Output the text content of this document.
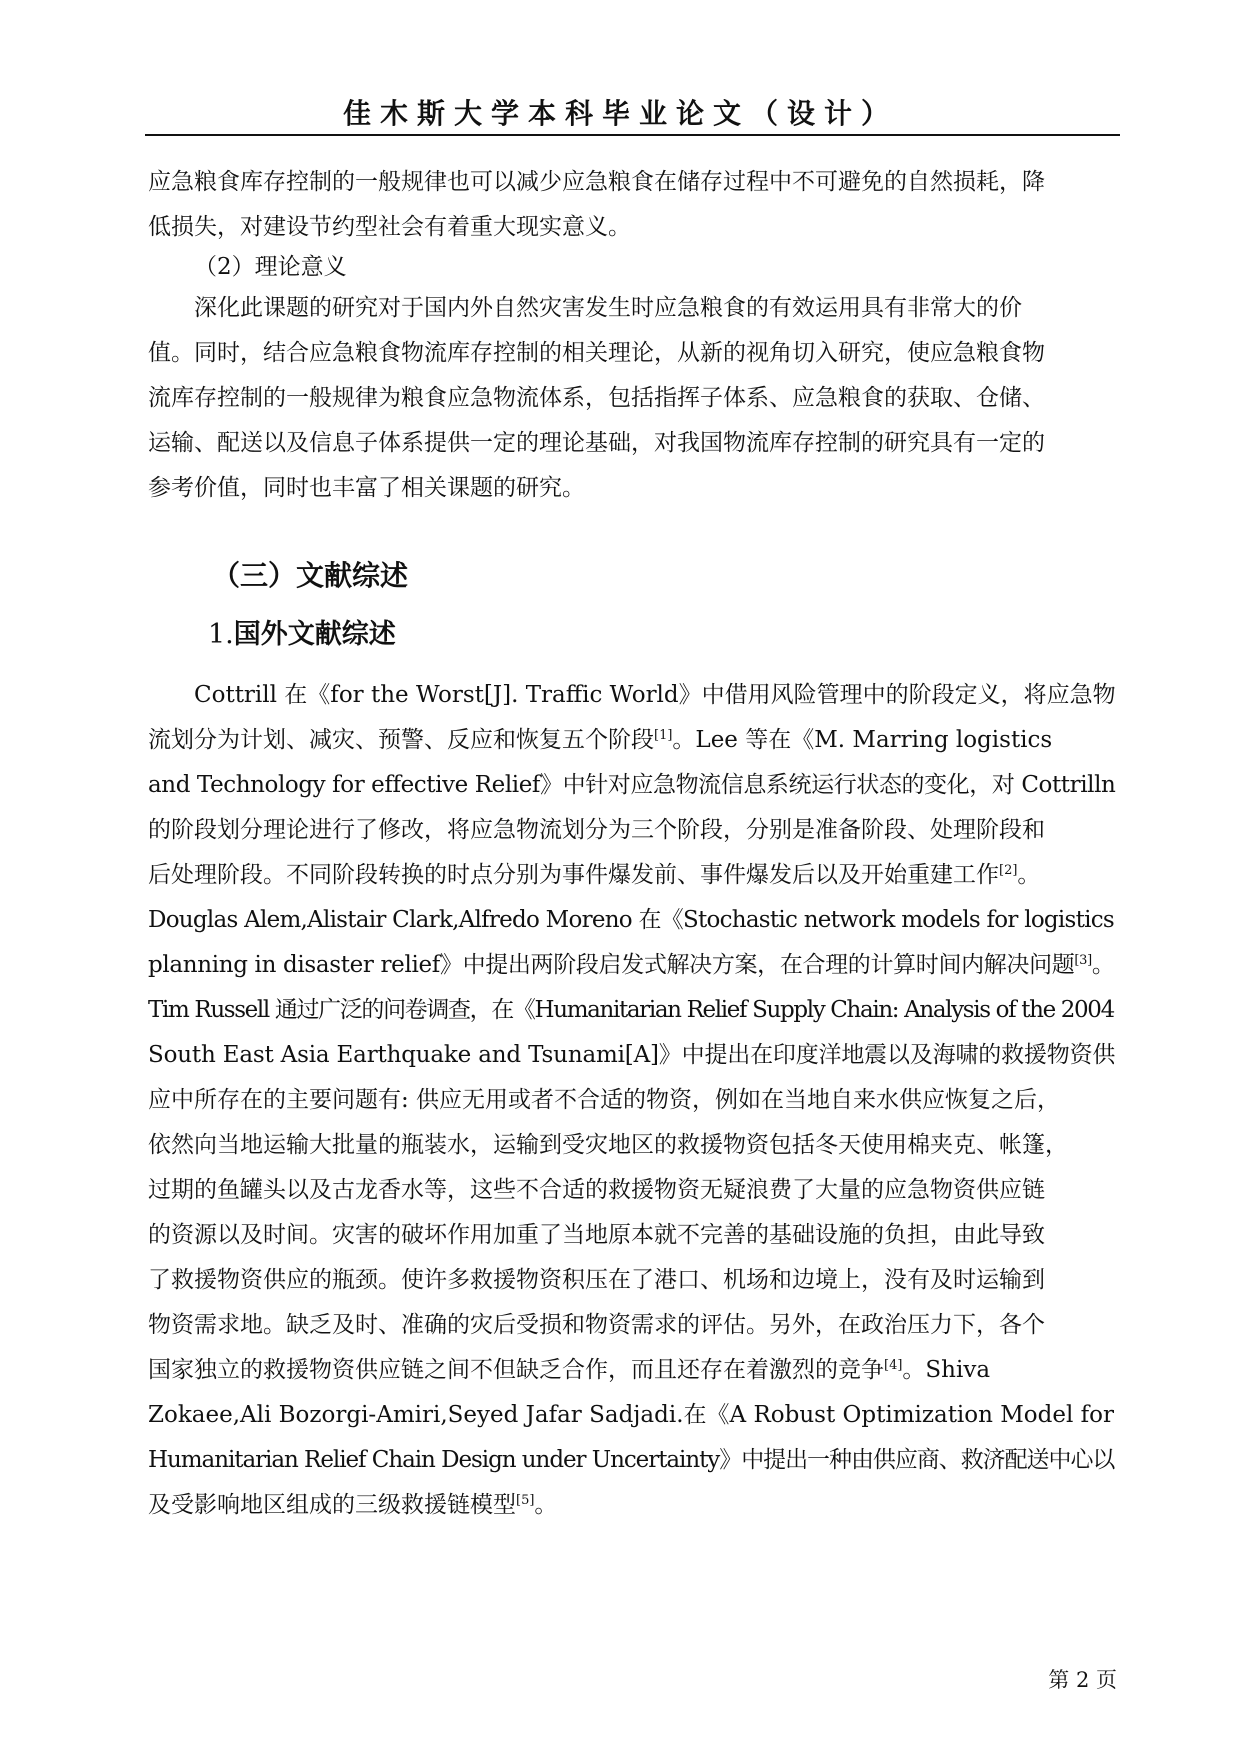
佳木斯大学本科毕业论文（设计）

应急粮食库存控制的一般规律也可以减少应急粮食在储存过程中不可避免的自然损耗，降
低损失，对建设节约型社会有着重大现实意义。

（2）理论意义

深化此课题的研究对于国内外自然灾害发生时应急粮食的有效运用具有非常大的价
值。同时，结合应急粮食物流库存控制的相关理论，从新的视角切入研究，使应急粮食物
流库存控制的一般规律为粮食应急物流体系，包括指挥子体系、应急粮食的获取、仓储、
运输、配送以及信息子体系提供一定的理论基础，对我国物流库存控制的研究具有一定的
参考价值，同时也丰富了相关课题的研究。

（三）文献综述
1.国外文献综述

Cottrill 在《for the Worst[J]. Traffic World》中借用风险管理中的阶段定义，将应急物
流划分为计划、减灾、预警、反应和恢复五个阶段[1]。Lee 等在《M. Marring logistics
and Technology for effective Relief》中针对应急物流信息系统运行状态的变化，对 Cottrilln
的阶段划分理论进行了修改，将应急物流划分为三个阶段，分别是准备阶段、处理阶段和
后处理阶段。不同阶段转换的时点分别为事件爆发前、事件爆发后以及开始重建工作[2]。
Douglas Alem,Alistair Clark,Alfredo Moreno 在《Stochastic network models for logistics
planning in disaster relief》中提出两阶段启发式解决方案，在合理的计算时间内解决问题[3]。
Tim Russell 通过广泛的问卷调查，在《Humanitarian Relief Supply Chain: Analysis of the 2004
South East Asia Earthquake and Tsunami[A]》中提出在印度洋地震以及海啸的救援物资供
应中所存在的主要问题有: 供应无用或者不合适的物资，例如在当地自来水供应恢复之后，
依然向当地运输大批量的瓶装水，运输到受灾地区的救援物资包括冬天使用棉夹克、帐篷，
过期的鱼罐头以及古龙香水等，这些不合适的救援物资无疑浪费了大量的应急物资供应链
的资源以及时间。灾害的破坏作用加重了当地原本就不完善的基础设施的负担，由此导致
了救援物资供应的瓶颈。使许多救援物资积压在了港口、机场和边境上，没有及时运输到
物资需求地。缺乏及时、准确的灾后受损和物资需求的评估。另外，在政治压力下，各个
国家独立的救援物资供应链之间不但缺乏合作，而且还存在着激烈的竞争[4]。Shiva
Zokaee,Ali Bozorgi-Amiri,Seyed Jafar Sadjadi.在《A Robust Optimization Model for
Humanitarian Relief Chain Design under Uncertainty》中提出一种由供应商、救济配送中心以
及受影响地区组成的三级救援链模型[5]。

第 2 页
